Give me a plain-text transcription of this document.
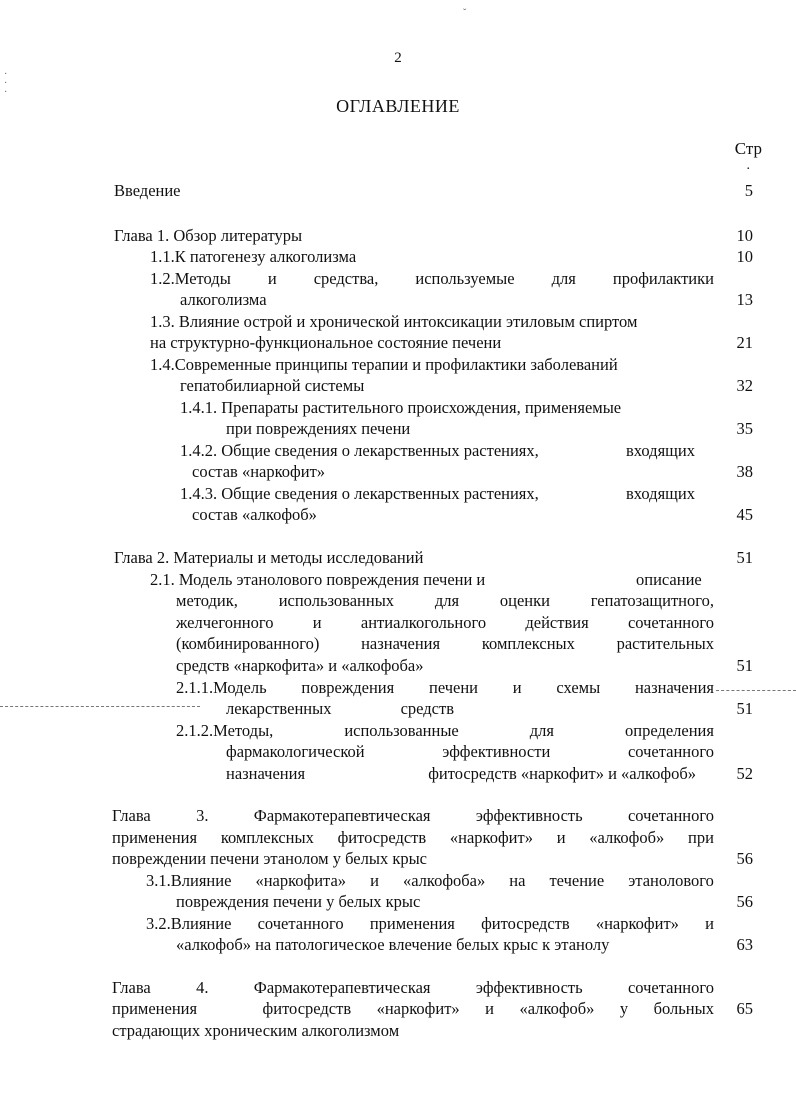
ˇ
·
·
·
2
ОГЛАВЛЕНИЕ
Стр
.
Введение	5
Глава 1. Обзор литературы	10
1.1.К патогенезу алкоголизма	10
1.2.Методы и средства, используемые для профилактики
алкоголизма	13
1.3. Влияние острой и хронической интоксикации этиловым спиртом
на структурно-функциональное состояние печени	21
1.4.Современные принципы терапии и профилактики заболеваний
гепатобилиарной системы	32
1.4.1. Препараты растительного происхождения, применяемые
при повреждениях печени	35
1.4.2. Общие сведения о лекарственных растениях,	входящих
состав «наркофит»	38
1.4.3. Общие сведения о лекарственных растениях,	входящих
состав «алкофоб»	45
Глава 2. Материалы и методы исследований	51
2.1. Модель этанолового повреждения печени и	описание
методик, использованных для оценки гепатозащитного,
желчегонного и антиалкогольного действия сочетанного
(комбинированного)	назначения	комплексных	растительных
средств «наркофита» и «алкофоба»	51
2.1.1.Модель повреждения печени и схемы назначения
лекарственных	средств	51
2.1.2.Методы,	использованные	для	определения
фармакологической	эффективности	сочетанного
назначения	фитосредств «наркофит» и «алкофоб»	52
Глава	3.	Фармакотерапевтическая	эффективность	сочетанного
применения комплексных фитосредств «наркофит» и «алкофоб» при
повреждении печени этанолом у белых крыс	56
3.1.Влияние «наркофита» и «алкофоба» на течение этанолового
повреждения печени у белых крыс	56
3.2.Влияние сочетанного применения фитосредств «наркофит» и
«алкофоб» на патологическое влечение белых крыс к этанолу	63
Глава	4.	Фармакотерапевтическая	эффективность	сочетанного
применения	фитосредств «наркофит» и «алкофоб» у больных	65
страдающих хроническим алкоголизмом
